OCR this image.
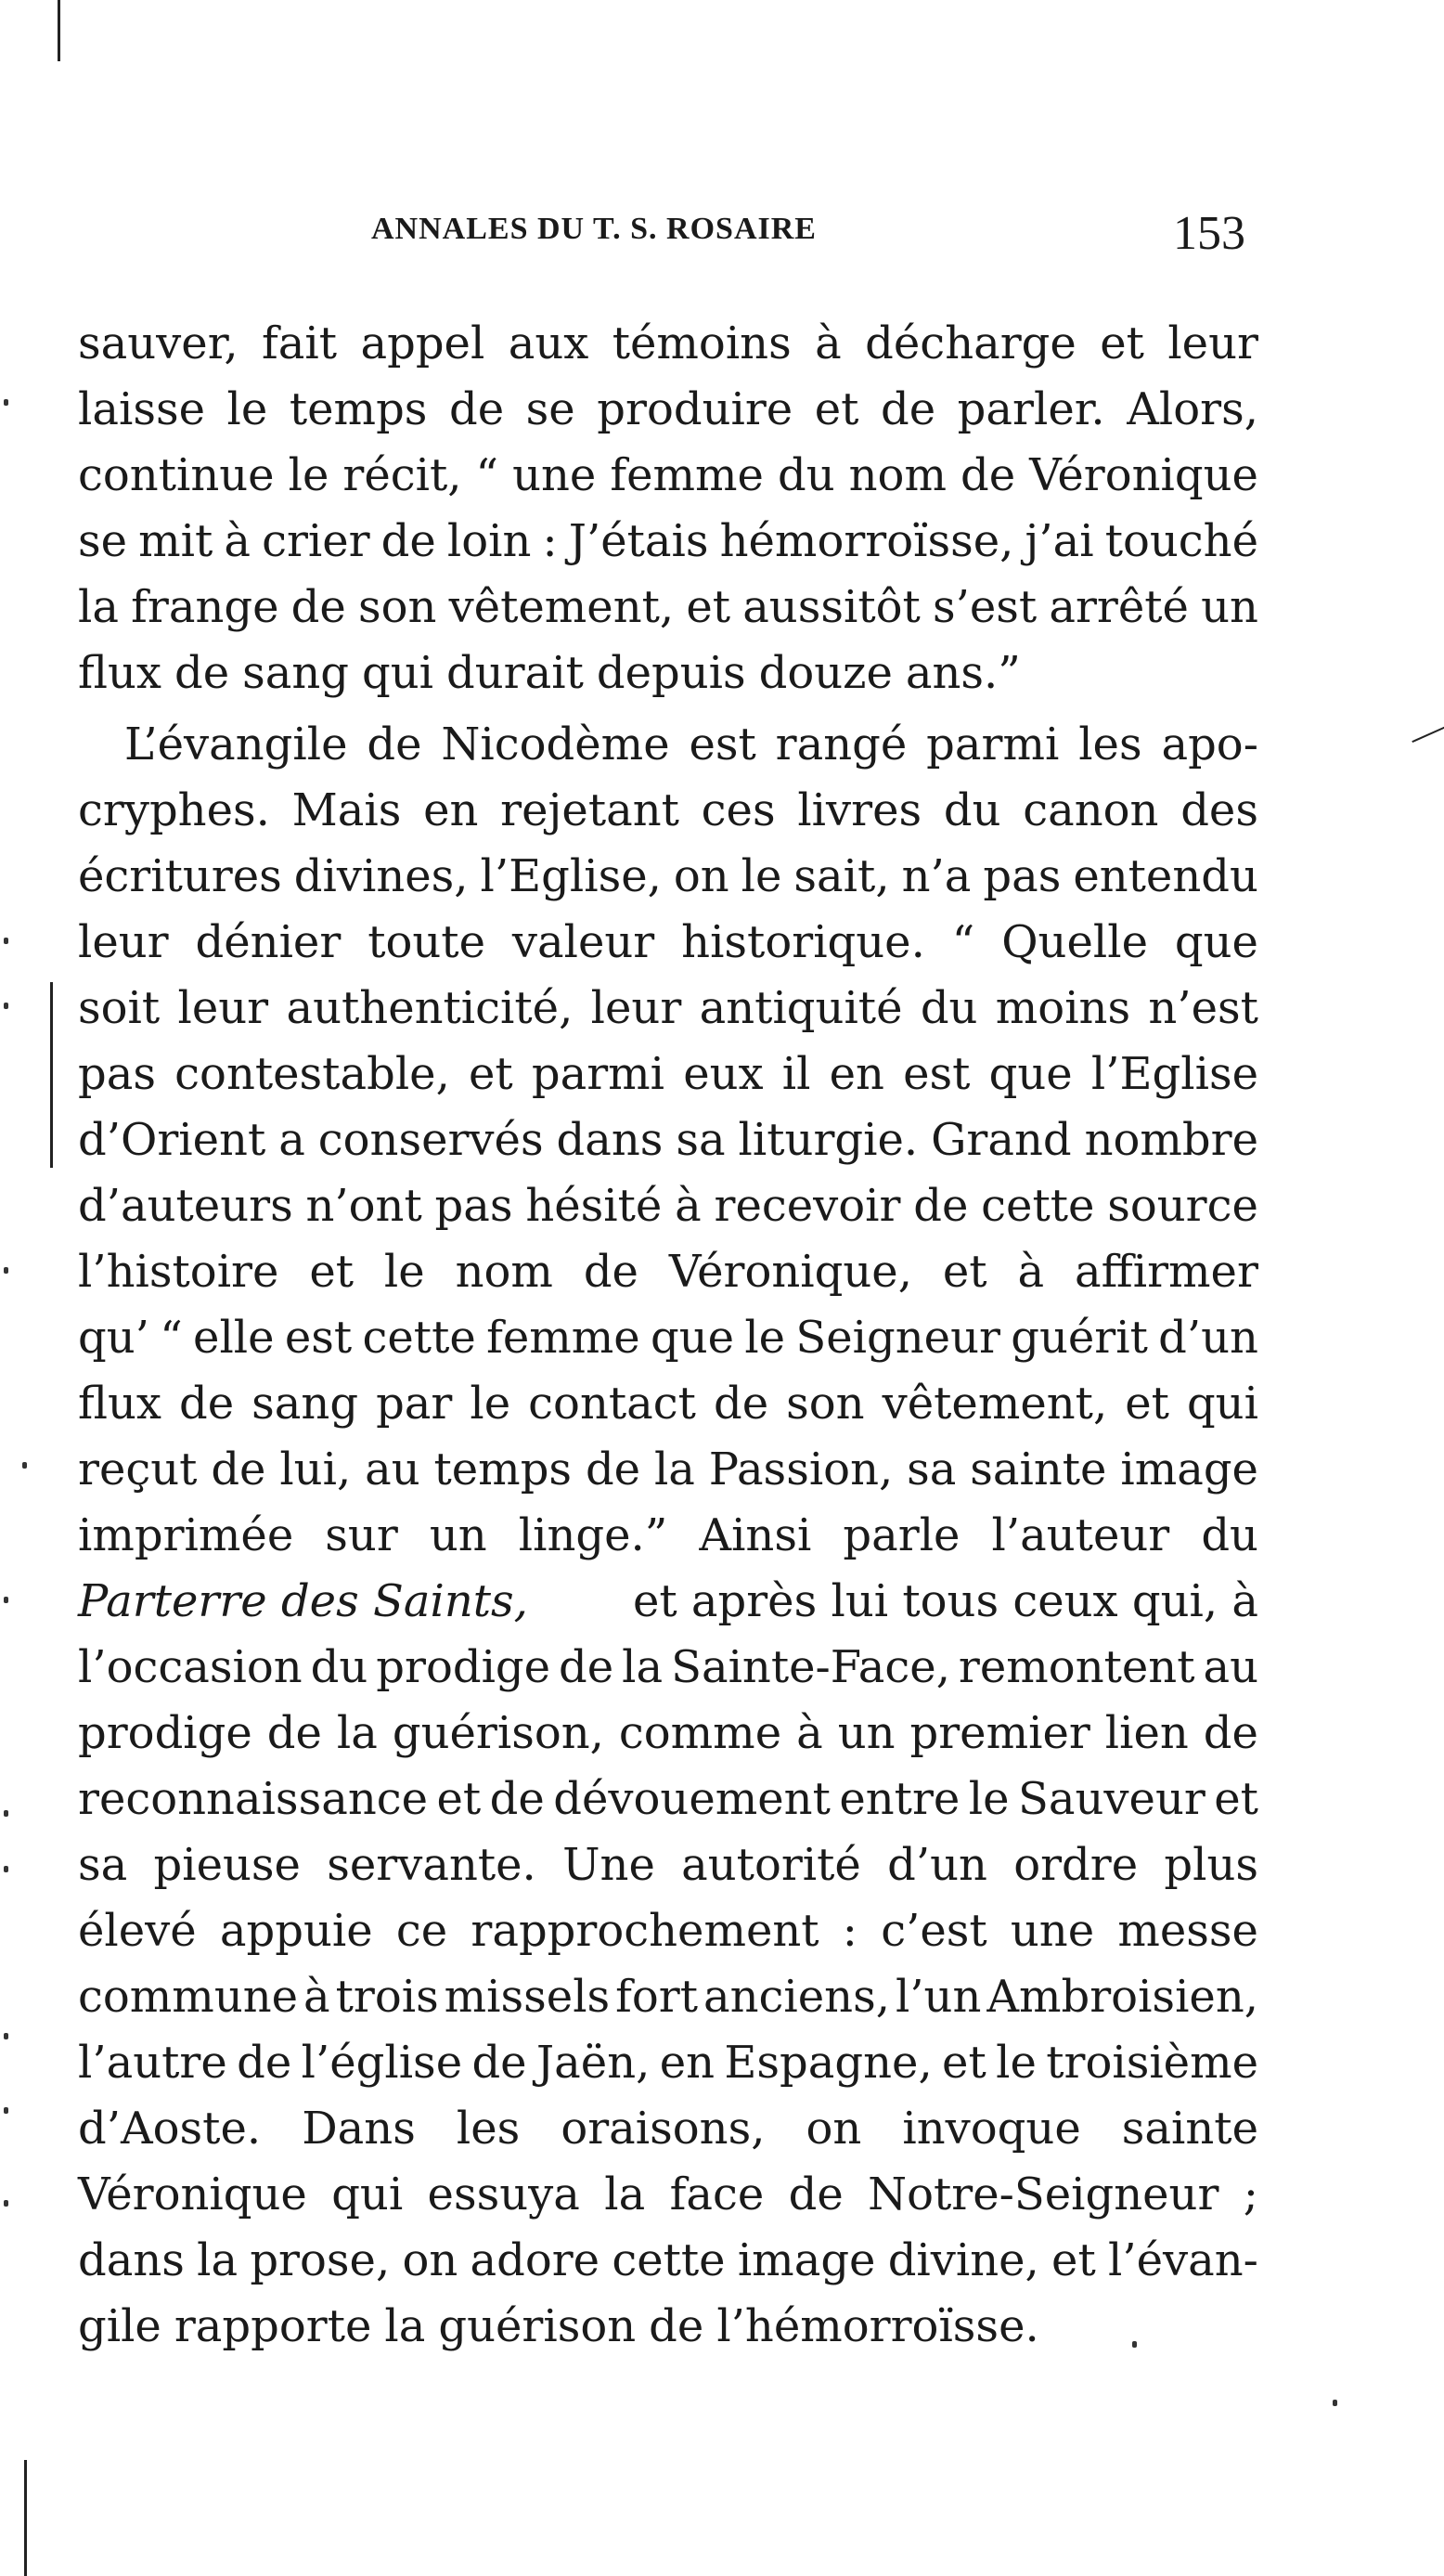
ANNALES DU T. S. ROSAIRE	153
sauver, fait appel aux témoins à décharge et leur
laisse le temps de se produire et de parler. Alors,
continue le récit, “ une femme du nom de Véronique
se mit à crier de loin : J’étais hémorroïsse, j’ai touché
la frange de son vêtement, et aussitôt s’est arrêté un
flux de sang qui durait depuis douze ans.”
L’évangile de Nicodème est rangé parmi les apo-
cryphes. Mais en rejetant ces livres du canon des
écritures divines, l’Eglise, on le sait, n’a pas entendu
leur dénier toute valeur historique. “ Quelle que
soit leur authenticité, leur antiquité du moins n’est
pas contestable, et parmi eux il en est que l’Eglise
d’Orient a conservés dans sa liturgie. Grand nombre
d’auteurs n’ont pas hésité à recevoir de cette source
l’histoire et le nom de Véronique, et à affirmer
qu’ “ elle est cette femme que le Seigneur guérit d’un
flux de sang par le contact de son vêtement, et qui
reçut de lui, au temps de la Passion, sa sainte image
imprimée sur un linge.” Ainsi parle l’auteur du
Parterre des Saints, et après lui tous ceux qui, à
l’occasion du prodige de la Sainte-Face, remontent au
prodige de la guérison, comme à un premier lien de
reconnaissance et de dévouement entre le Sauveur et
sa pieuse servante. Une autorité d’un ordre plus
élevé appuie ce rapprochement : c’est une messe
commune à trois missels fort anciens, l’un Ambroisien,
l’autre de l’église de Jaën, en Espagne, et le troisième
d’Aoste. Dans les oraisons, on invoque sainte
Véronique qui essuya la face de Notre-Seigneur ;
dans la prose, on adore cette image divine, et l’évan-
gile rapporte la guérison de l’hémorroïsse.
